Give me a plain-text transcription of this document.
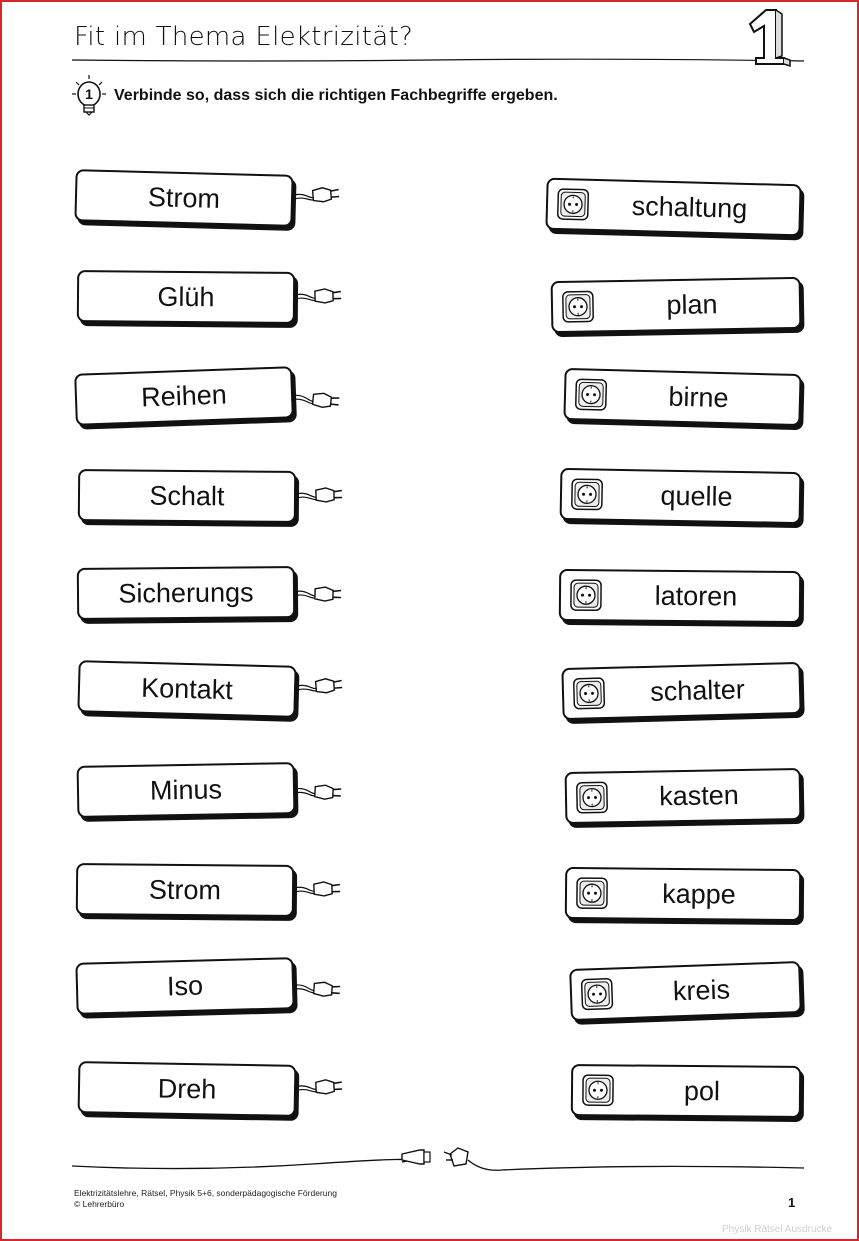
Fit im Thema Elektrizität?
1
1 Verbinde so, dass sich die richtigen Fachbegriffe ergeben.
Strom
Glüh
Reihen
Schalt
Sicherungs
Kontakt
Minus
Strom
Iso
Dreh
schaltung
plan
birne
quelle
latoren
schalter
kasten
kappe
kreis
pol
Elektrizitätslehre, Rätsel, Physik 5+6, sonderpädagogische Förderung
© Lehrerbüro	1
Physik Rätsel Ausdrucke
